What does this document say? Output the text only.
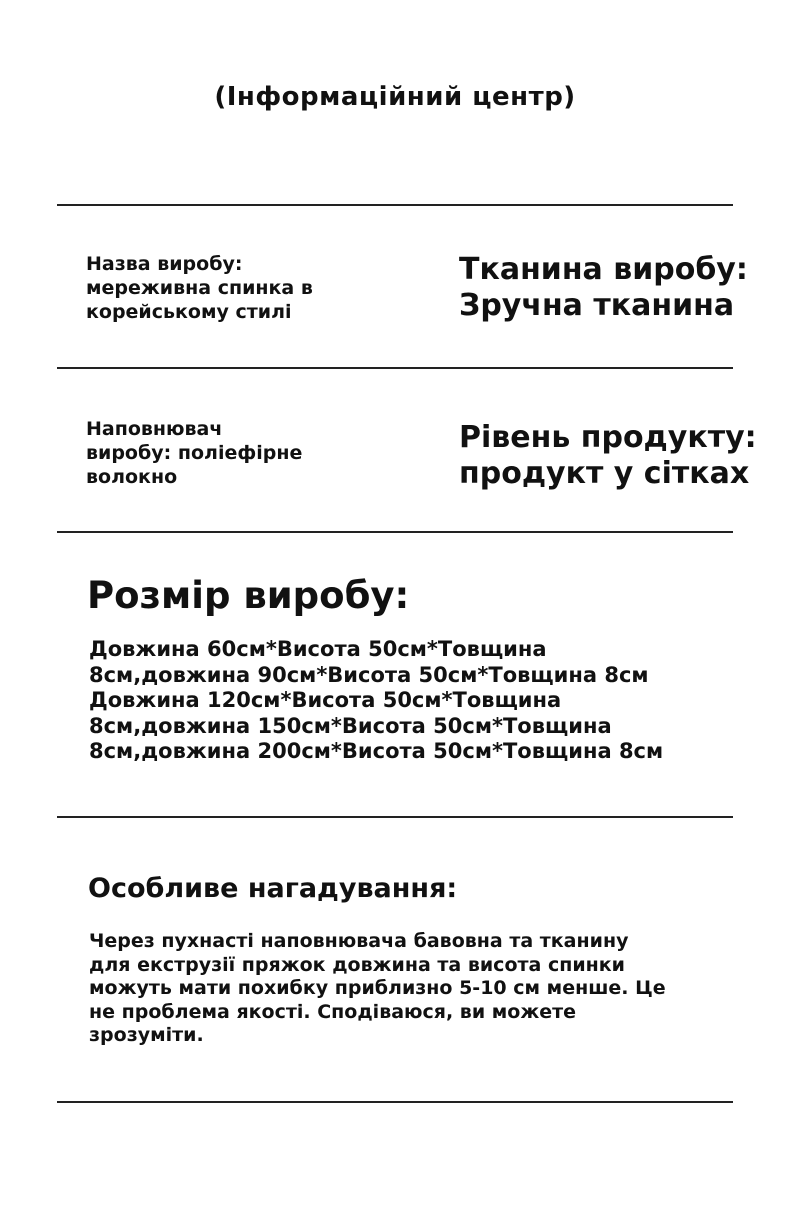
(Інформаційний центр)
Назва виробу:
мереживна спинка в
корейському стилі
Тканина виробу:
Зручна тканина
Наповнювач
виробу: поліефірне
волокно
Рівень продукту:
продукт у сітках
Розмір виробу:
Довжина 60см*Висота 50см*Товщина
8см,довжина 90см*Висота 50см*Товщина 8см
Довжина 120см*Висота 50см*Товщина
8см,довжина 150см*Висота 50см*Товщина
8см,довжина 200см*Висота 50см*Товщина 8см
Особливе нагадування:
Через пухнасті наповнювача бавовна та тканину
для екструзії пряжок довжина та висота спинки
можуть мати похибку приблизно 5-10 см менше. Це
не проблема якості. Сподіваюся, ви можете
зрозуміти.
